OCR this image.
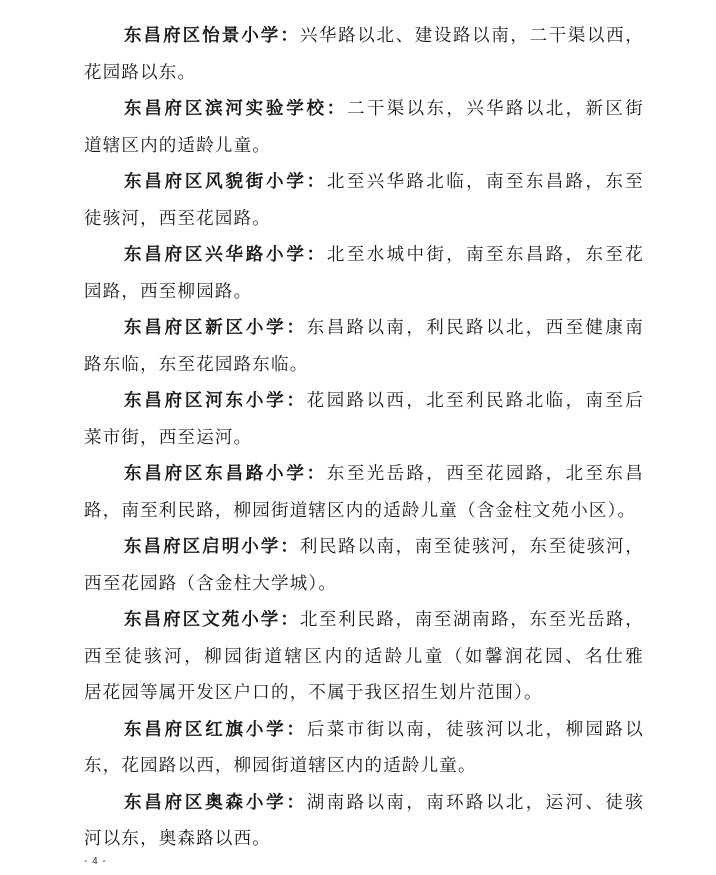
东昌府区怡景小学：兴华路以北、建设路以南，二干渠以西，
花园路以东。
东昌府区滨河实验学校：二干渠以东，兴华路以北，新区街
道辖区内的适龄儿童。
东昌府区风貌街小学：北至兴华路北临，南至东昌路，东至
徒骇河，西至花园路。
东昌府区兴华路小学：北至水城中街，南至东昌路，东至花
园路，西至柳园路。
东昌府区新区小学：东昌路以南，利民路以北，西至健康南
路东临，东至花园路东临。
东昌府区河东小学：花园路以西，北至利民路北临，南至后
菜市街，西至运河。
东昌府区东昌路小学：东至光岳路，西至花园路，北至东昌
路，南至利民路，柳园街道辖区内的适龄儿童（含金柱文苑小区）。
东昌府区启明小学：利民路以南，南至徒骇河，东至徒骇河，
西至花园路（含金柱大学城）。
东昌府区文苑小学：北至利民路，南至湖南路，东至光岳路，
西至徒骇河，柳园街道辖区内的适龄儿童（如馨润花园、名仕雅
居花园等属开发区户口的，不属于我区招生划片范围）。
东昌府区红旗小学：后菜市街以南，徒骇河以北，柳园路以
东，花园路以西，柳园街道辖区内的适龄儿童。
东昌府区奥森小学：湖南路以南，南环路以北，运河、徒骇
河以东，奥森路以西。
- 4 -
